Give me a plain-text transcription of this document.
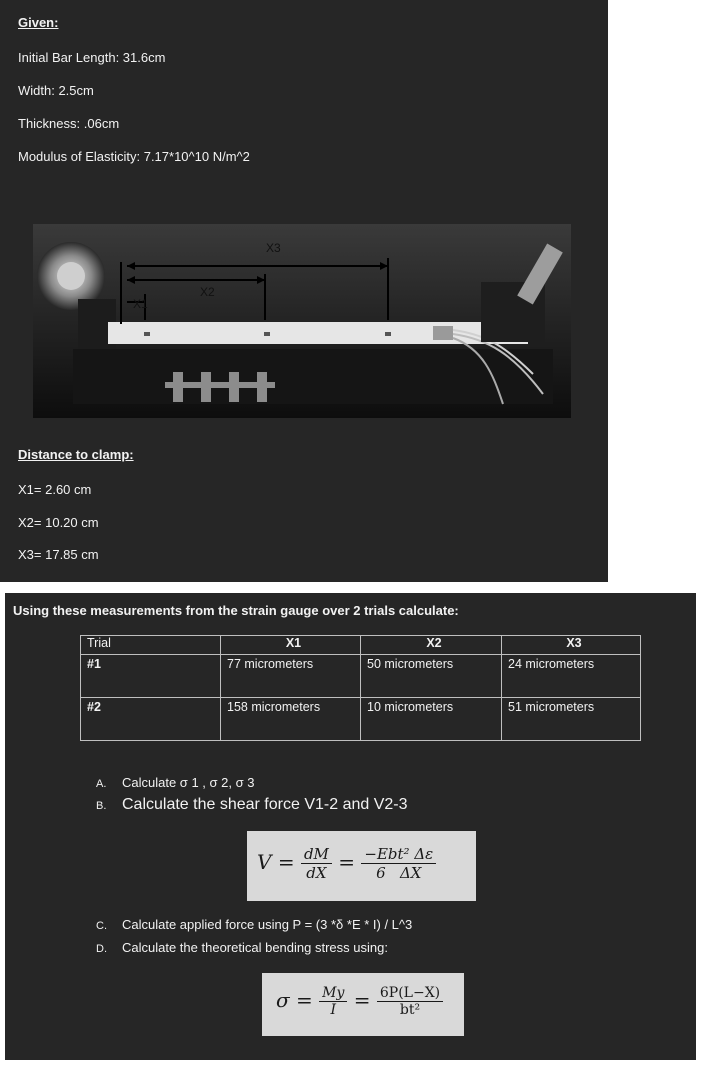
Given:
Initial Bar Length: 31.6cm
Width: 2.5cm
Thickness: .06cm
Modulus of Elasticity: 7.17*10^10 N/m^2
X3
X2
X1
Distance to clamp:
X1= 2.60 cm
X2= 10.20 cm
X3= 17.85 cm
Using these measurements from the strain gauge over 2 trials calculate:
Trial	X1	X2	X3
#1	77 micrometers	50 micrometers	24 micrometers
#2	158 micrometers	10 micrometers	51 micrometers
A. Calculate σ 1 , σ 2, σ 3
B. Calculate the shear force V1-2 and V2-3
$V = \frac{dM}{dX} = \frac{\text{−Ebt² Δε}}{6 \Delta X}$
C. Calculate applied force using P = (3 *δ *E * I) / L^3
D. Calculate the theoretical bending stress using:
$\sigma = \frac{My}{I} = \frac{6P(L-X)}{\text{bt²}}$
